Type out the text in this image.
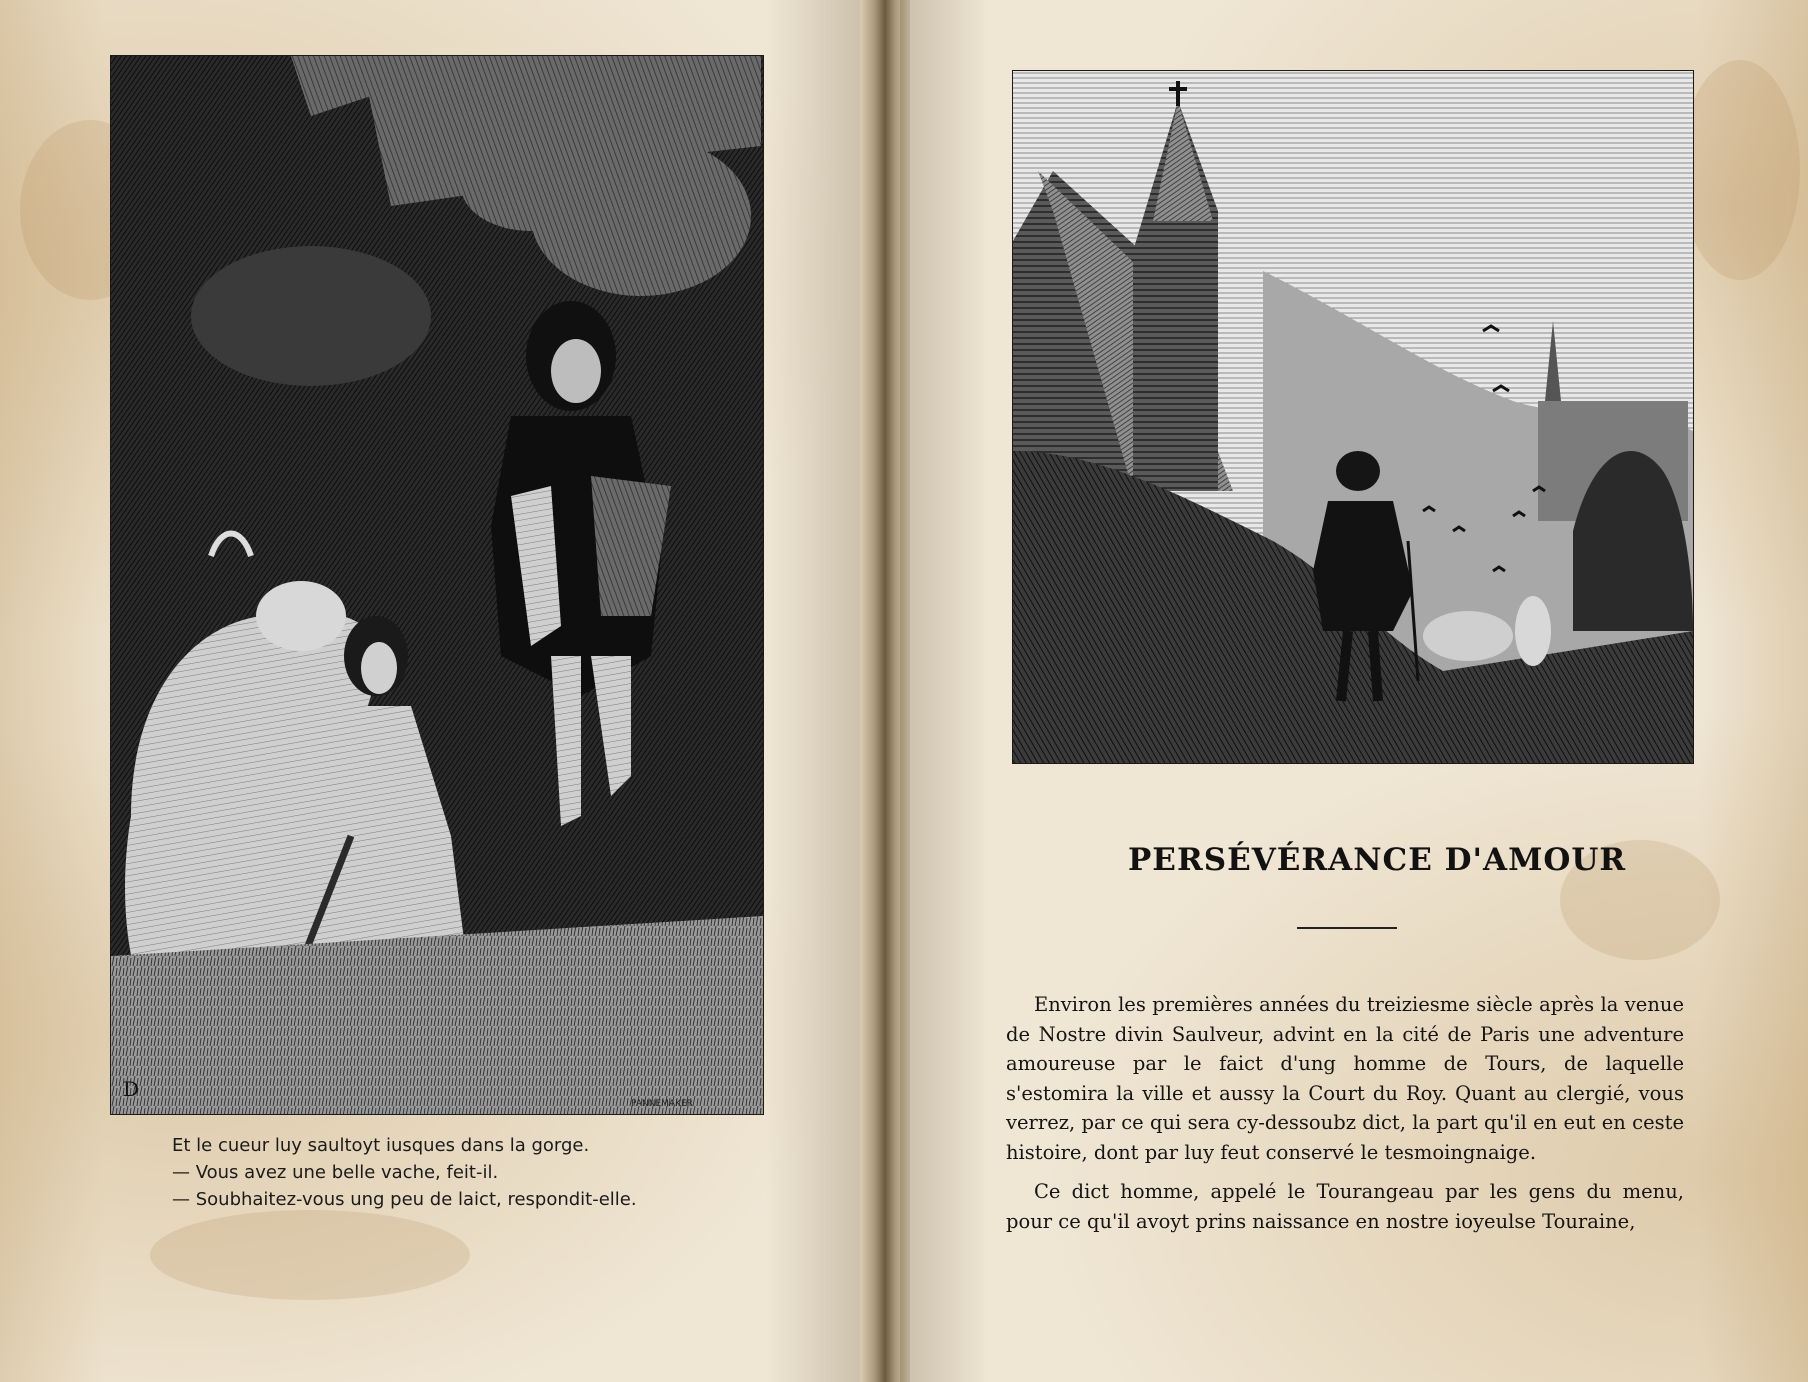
D
PANNEMAKER
Et le cueur luy saultoyt iusques dans la gorge.
— Vous avez une belle vache, feit-il.
— Soubhaitez-vous ung peu de laict, respondit-elle.
PERSÉVÉRANCE D'AMOUR

Environ les premières années du treiziesme siècle après la venue de Nostre divin Saulveur, advint en la cité de Paris une adventure amoureuse par le faict d'ung homme de Tours, de laquelle s'estomira la ville et aussy la Court du Roy. Quant au clergié, vous verrez, par ce qui sera cy-dessoubz dict, la part qu'il en eut en ceste histoire, dont par luy feut conservé le tesmoingnaige.

Ce dict homme, appelé le Tourangeau par les gens du menu, pour ce qu'il avoyt prins naissance en nostre ioyeulse Touraine,
